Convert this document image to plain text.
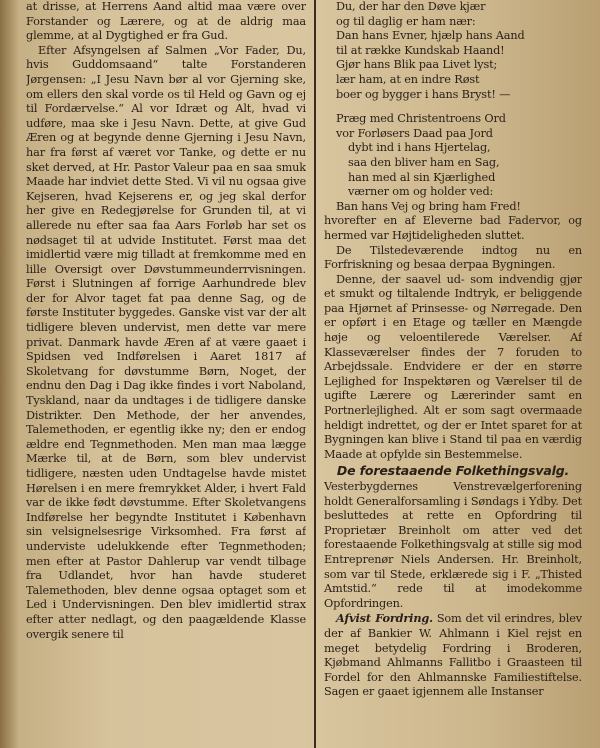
at drisse, at Herrens Aand altid maa være over Forstander og Lærere, og at de aldrig maa glemme, at al Dygtighed er fra Gud.

Efter Afsyngelsen af Salmen „Vor Fader, Du, hvis Guddomsaand“ talte Forstanderen Jørgensen: „I Jesu Navn bør al vor Gjerning ske, om ellers den skal vorde os til Held og Gavn og ej til Fordærvelse.“ Al vor Idræt og Alt, hvad vi udføre, maa ske i Jesu Navn. Dette, at give Gud Æren og at begynde denne Gjerning i Jesu Navn, har fra først af været vor Tanke, og dette er nu sket derved, at Hr. Pastor Valeur paa en saa smuk Maade har indviet dette Sted. Vi vil nu ogsaa give Kejseren, hvad Kejserens er, og jeg skal derfor her give en Redegjørelse for Grunden til, at vi allerede nu efter saa faa Aars Forløb har set os nødsaget til at udvide Institutet. Først maa det imidlertid være mig tilladt at fremkomme med en lille Oversigt over Døvstummeunderrvisningen. Først i Slutningen af forrige Aarhundrede blev der for Alvor taget fat paa denne Sag, og de første Instituter byggedes. Ganske vist var der alt tidligere bleven undervist, men dette var mere privat. Danmark havde Æren af at være gaaet i Spidsen ved Indførelsen i Aaret 1817 af Skoletvang for døvstumme Børn, Noget, der endnu den Dag i Dag ikke findes i vort Naboland, Tyskland, naar da undtages i de tidligere danske Distrikter. Den Methode, der her anvendes, Talemethoden, er egentlig ikke ny; den er endog ældre end Tegnmethoden. Men man maa lægge Mærke til, at de Børn, som blev undervist tidligere, næsten uden Undtagelse havde mistet Hørelsen i en mere fremrykket Alder, i hvert Fald var de ikke født døvstumme. Efter Skoletvangens Indførelse her begyndte Institutet i København sin velsignelsesrige Virksomhed. Fra først af underviste udelukkende efter Tegnmethoden; men efter at Pastor Dahlerup var vendt tilbage fra Udlandet, hvor han havde studeret Talemethoden, blev denne ogsaa optaget som et Led i Undervisningen. Den blev imidlertid strax efter atter nedlagt, og den paagældende Klasse overgik senere til

Du, der har den Døve kjær
og til daglig er ham nær:
Dan hans Evner, hjælp hans Aand
til at række Kundskab Haand!
Gjør hans Blik paa Livet lyst;
lær ham, at en indre Røst
boer og bygger i hans Bryst! —
Præg med Christentroens Ord
vor Forløsers Daad paa Jord
dybt ind i hans Hjertelag,
saa den bliver ham en Sag,
han med al sin Kjærlighed
værner om og holder ved:
Ban hans Vej og bring ham Fred!

hvorefter en af Eleverne bad Fadervor, og hermed var Højtideligheden sluttet.

De Tilstedeværende indtog nu en Forfriskning og besaa derpaa Bygningen.

Denne, der saavel ud- som indvendig gjør et smukt og tiltalende Indtryk, er beliggende paa Hjørnet af Prinsesse- og Nørregade. Den er opført i en Etage og tæller en Mængde høje og veloentilerede Værelser. Af Klasseværelser findes der 7 foruden to Arbejdssale. Endvidere er der en større Lejlighed for Inspektøren og Værelser til de ugifte Lærere og Lærerinder samt en Portnerlejlighed. Alt er som sagt overmaade heldigt indrettet, og der er Intet sparet for at Bygningen kan blive i Stand til paa en værdig Maade at opfylde sin Bestemmelse.

De forestaaende Folkethingsvalg.

Vesterbygdernes Venstrevælgerforening holdt Generalforsamling i Søndags i Ydby. Det besluttedes at rette en Opfordring til Proprietær Breinholt om atter ved det forestaaende Folkethingsvalg at stille sig mod Entreprenør Niels Andersen. Hr. Breinholt, som var til Stede, erklærede sig i F. „Thisted Amtstid.“ rede til at imodekomme Opfordringen.

Afvist Fordring. Som det vil erindres, blev der af Bankier W. Ahlmann i Kiel rejst en meget betydelig Fordring i Broderen, Kjøbmand Ahlmanns Fallitbo i Graasteen til Fordel for den Ahlmannske Familiestiftelse. Sagen er gaaet igjennem alle Instanser
